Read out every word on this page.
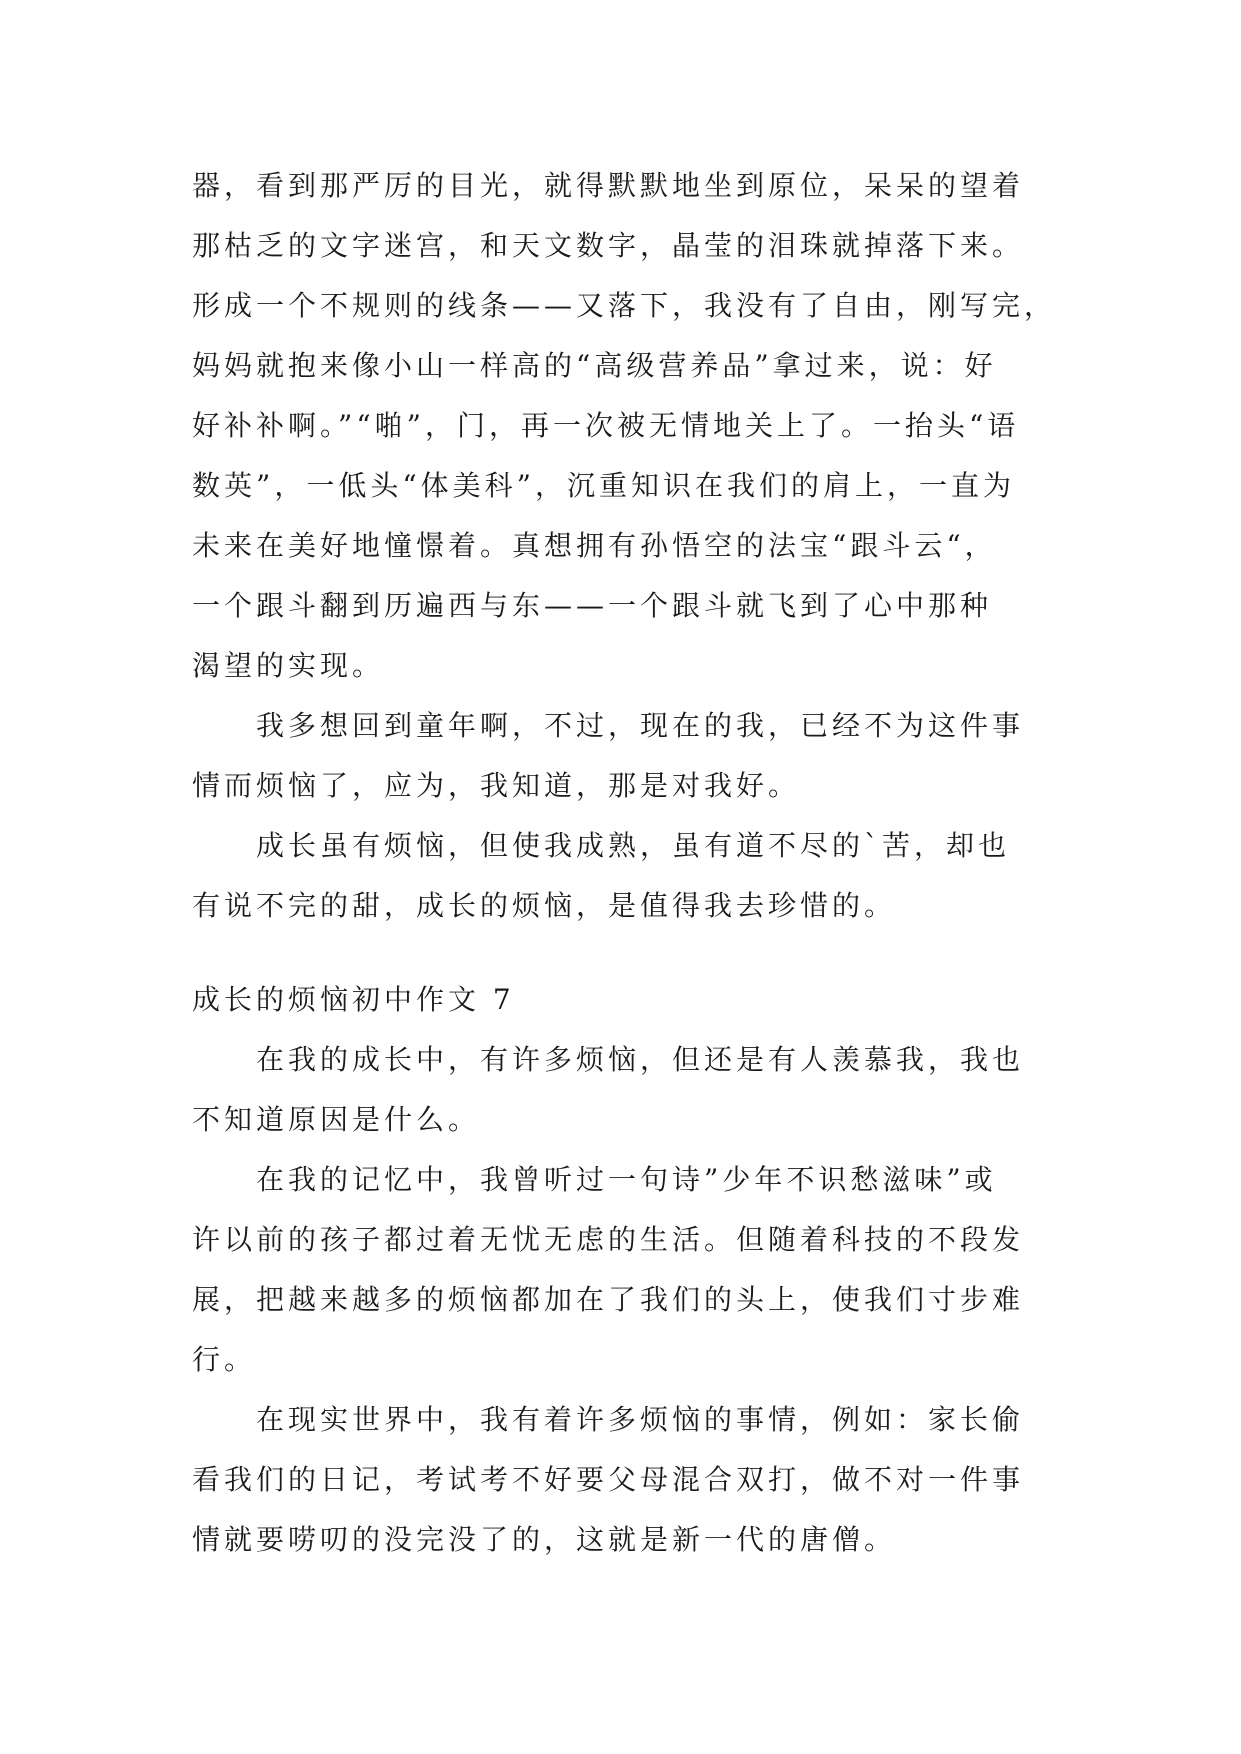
器，看到那严厉的目光，就得默默地坐到原位，呆呆的望着
那枯乏的文字迷宫，和天文数字，晶莹的泪珠就掉落下来。
形成一个不规则的线条——又落下，我没有了自由，刚写完，
妈妈就抱来像小山一样高的“高级营养品”拿过来，说：好
好补补啊。”“啪”，门，再一次被无情地关上了。一抬头“语
数英”，一低头“体美科”，沉重知识在我们的肩上，一直为
未来在美好地憧憬着。真想拥有孙悟空的法宝“跟斗云“，
一个跟斗翻到历遍西与东——一个跟斗就飞到了心中那种
渴望的实现。
我多想回到童年啊，不过，现在的我，已经不为这件事
情而烦恼了，应为，我知道，那是对我好。
成长虽有烦恼，但使我成熟，虽有道不尽的`苦，却也
有说不完的甜，成长的烦恼，是值得我去珍惜的。
成长的烦恼初中作文 7
在我的成长中，有许多烦恼，但还是有人羡慕我，我也
不知道原因是什么。
在我的记忆中，我曾听过一句诗”少年不识愁滋味”或
许以前的孩子都过着无忧无虑的生活。但随着科技的不段发
展，把越来越多的烦恼都加在了我们的头上，使我们寸步难
行。
在现实世界中，我有着许多烦恼的事情，例如：家长偷
看我们的日记，考试考不好要父母混合双打，做不对一件事
情就要唠叨的没完没了的，这就是新一代的唐僧。
